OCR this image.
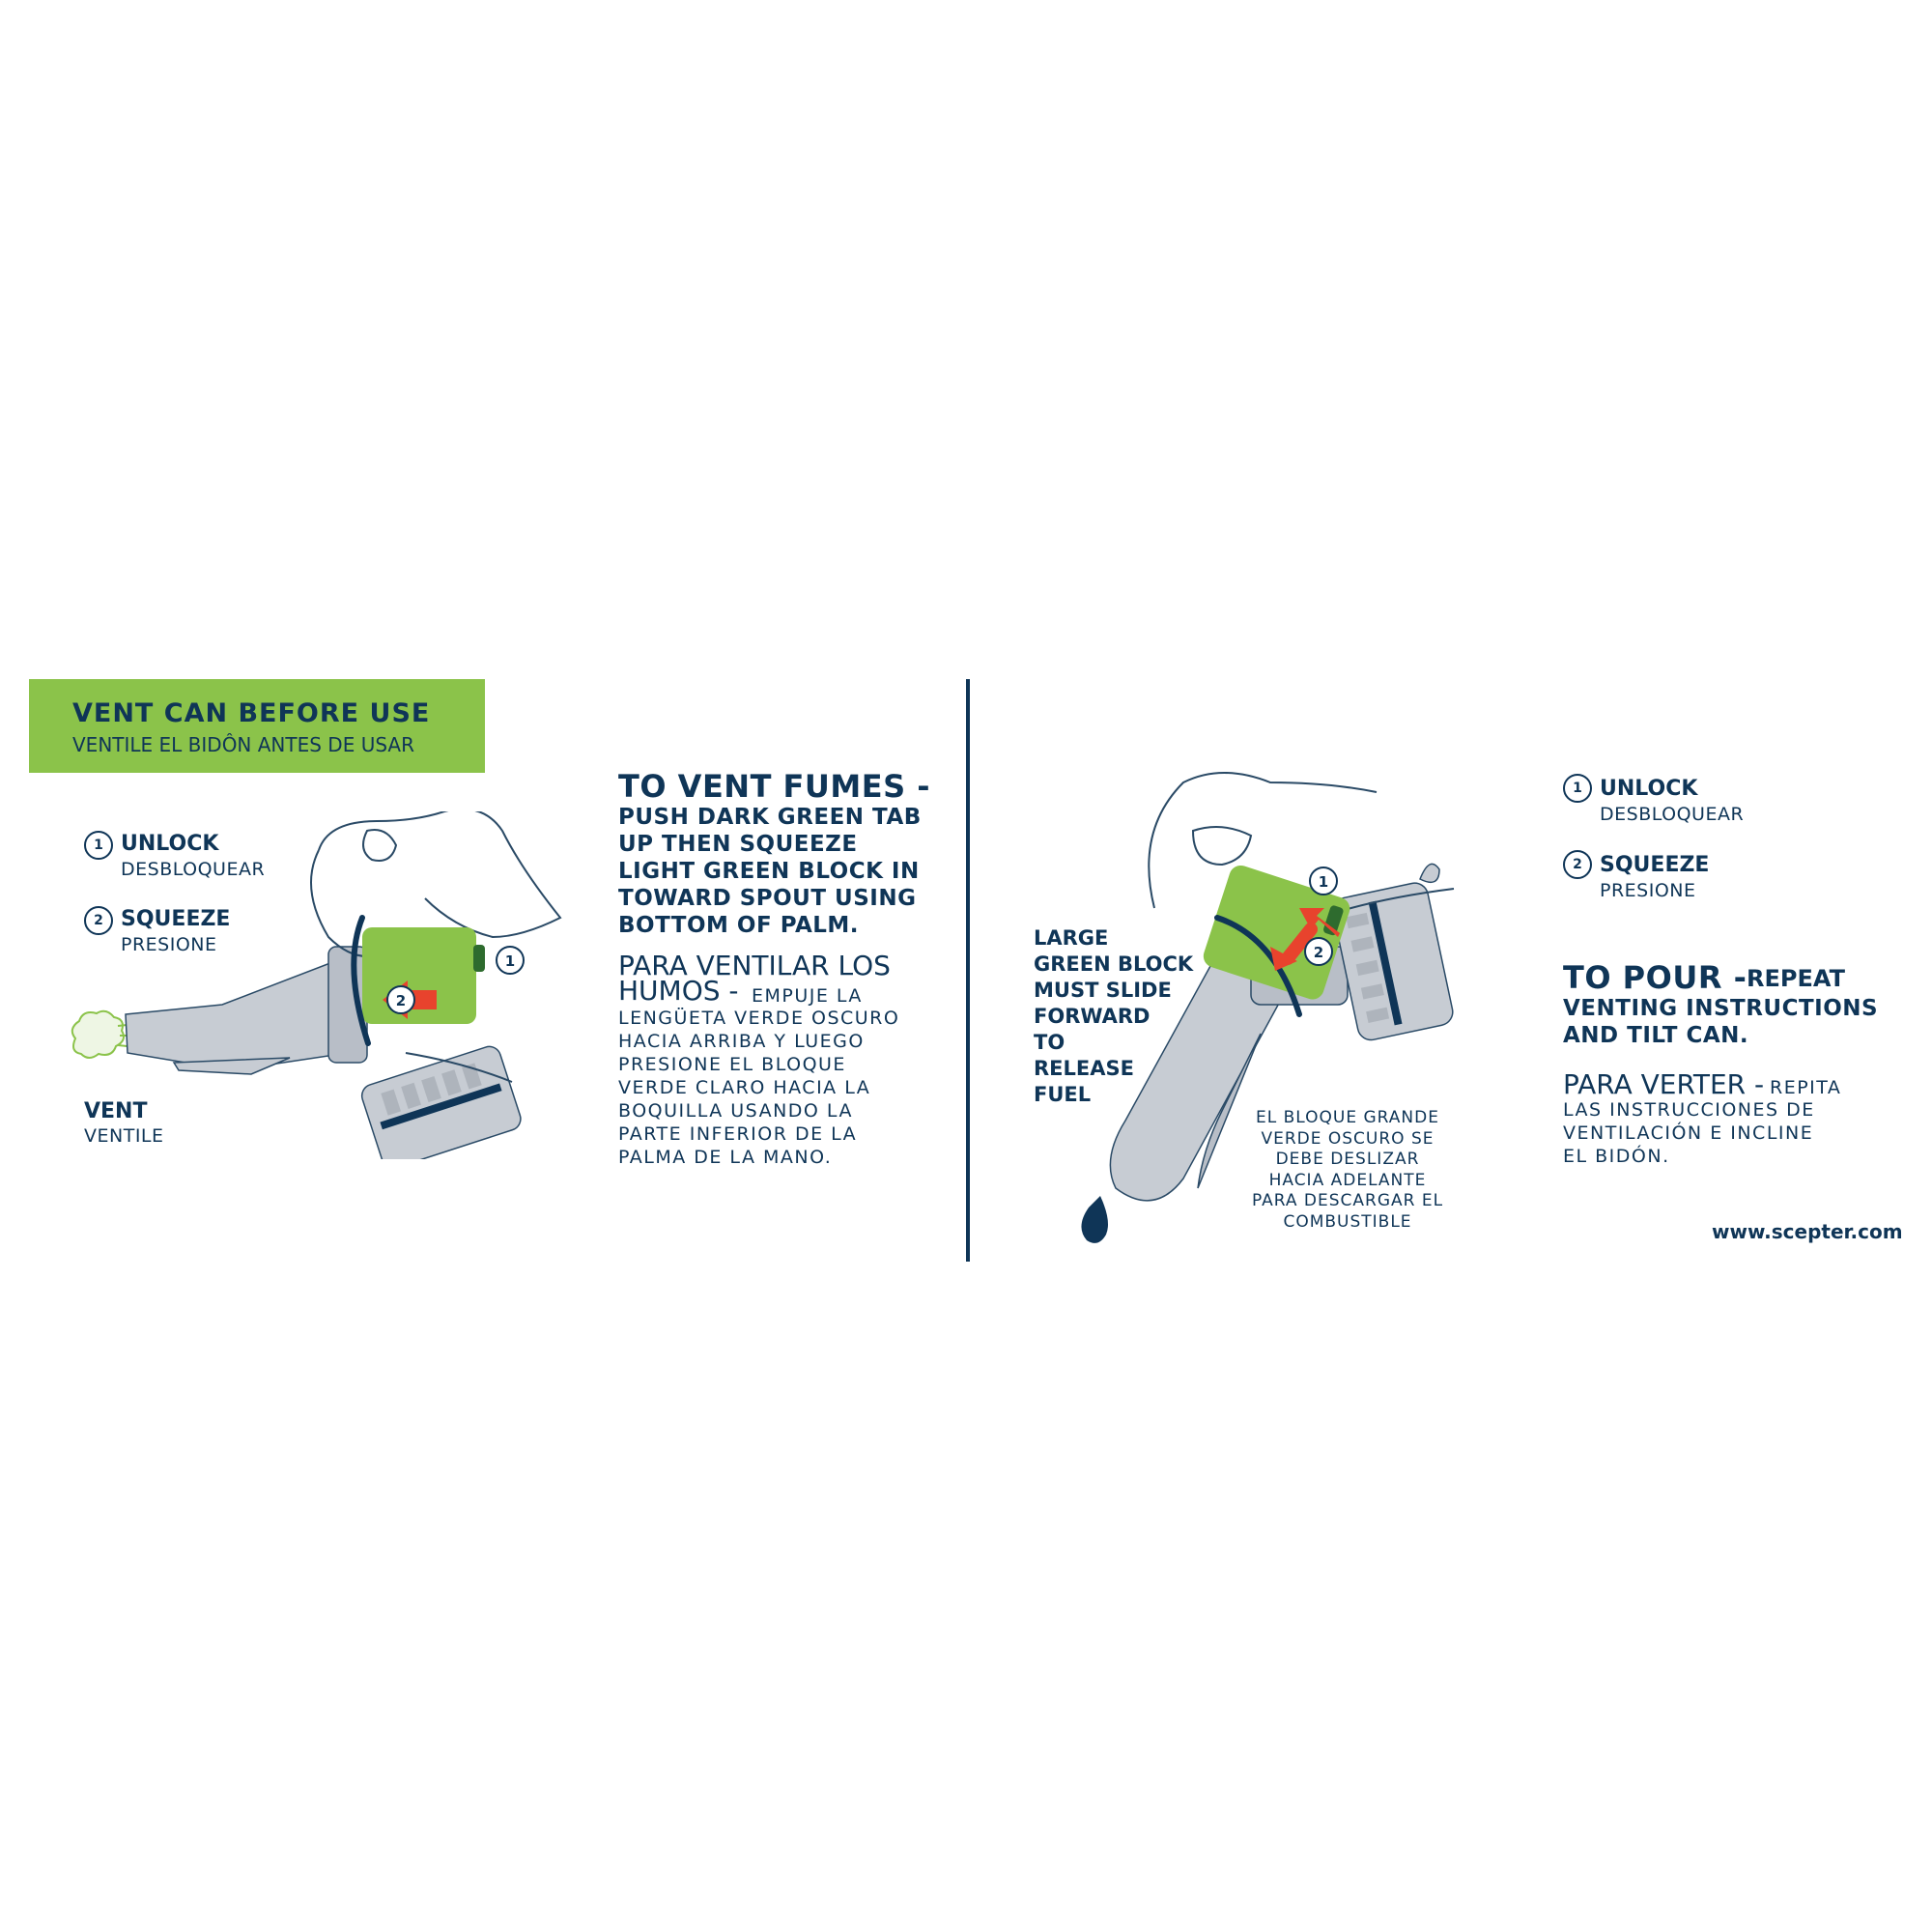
VENT CAN BEFORE USE
VENTILE EL BIDÔN ANTES DE USAR
1 UNLOCK
DESBLOQUEAR
2 SQUEEZE
PRESIONE
VENT
VENTILE
2
1
TO VENT FUMES -
PUSH DARK GREEN TAB
UP THEN SQUEEZE
LIGHT GREEN BLOCK IN
TOWARD SPOUT USING
BOTTOM OF PALM.
PARA VENTILAR LOS
HUMOS - EMPUJE LA
LENGÜETA VERDE OSCURO
HACIA ARRIBA Y LUEGO
PRESIONE EL BLOQUE
VERDE CLARO HACIA LA
BOQUILLA USANDO LA
PARTE INFERIOR DE LA
PALMA DE LA MANO.
2
1
LARGE
GREEN BLOCK
MUST SLIDE
FORWARD
TO
RELEASE
FUEL
EL BLOQUE GRANDE
VERDE OSCURO SE
DEBE DESLIZAR
HACIA ADELANTE
PARA DESCARGAR EL
COMBUSTIBLE
1 UNLOCK
DESBLOQUEAR
2 SQUEEZE
PRESIONE
TO POUR - REPEAT
VENTING INSTRUCTIONS
AND TILT CAN.
PARA VERTER - REPITA
LAS INSTRUCCIONES DE
VENTILACIÓN E INCLINE
EL BIDÓN.
www.scepter.com
